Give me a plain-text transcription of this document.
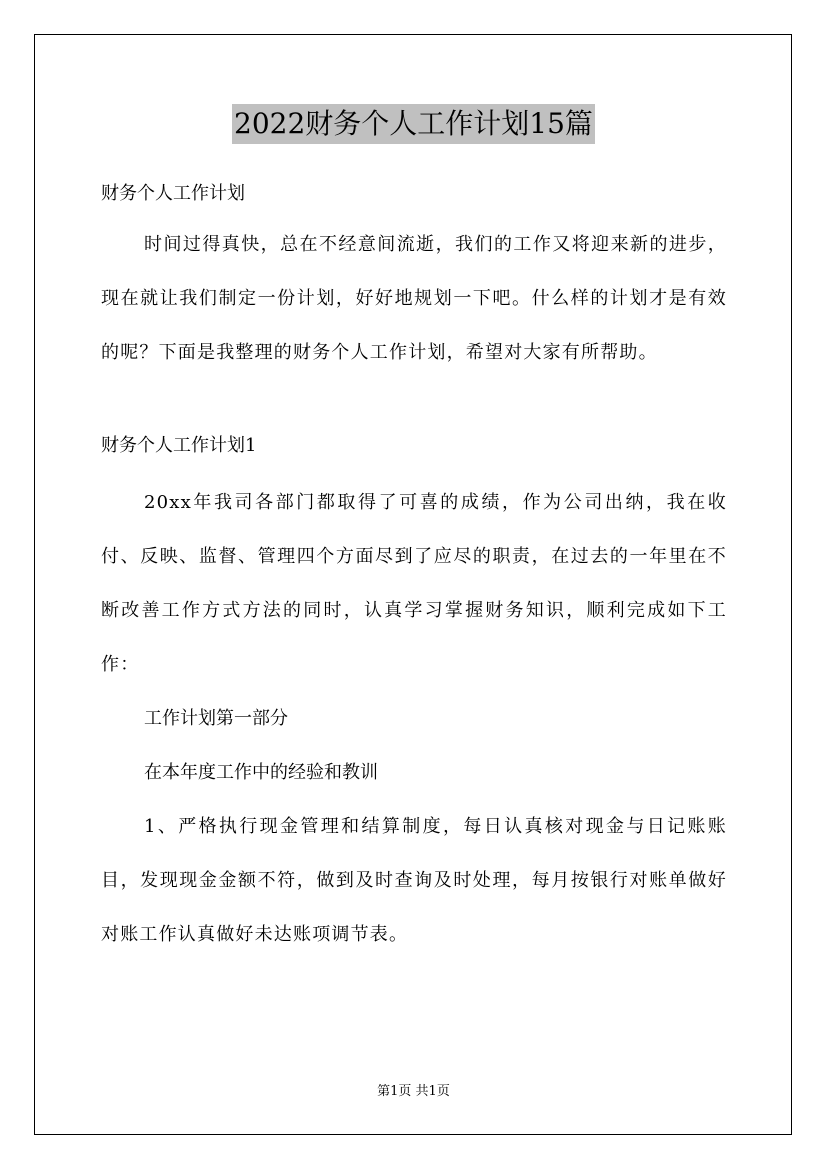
2022财务个人工作计划15篇

财务个人工作计划

时间过得真快，总在不经意间流逝，我们的工作又将迎来新的进步，现在就让我们制定一份计划，好好地规划一下吧。什么样的计划才是有效的呢？下面是我整理的财务个人工作计划，希望对大家有所帮助。

财务个人工作计划1

20xx年我司各部门都取得了可喜的成绩，作为公司出纳，我在收付、反映、监督、管理四个方面尽到了应尽的职责，在过去的一年里在不断改善工作方式方法的同时，认真学习掌握财务知识，顺利完成如下工作：

工作计划第一部分

在本年度工作中的经验和教训

1、严格执行现金管理和结算制度，每日认真核对现金与日记账账目，发现现金金额不符，做到及时查询及时处理，每月按银行对账单做好对账工作认真做好未达账项调节表。

第1页 共1页
